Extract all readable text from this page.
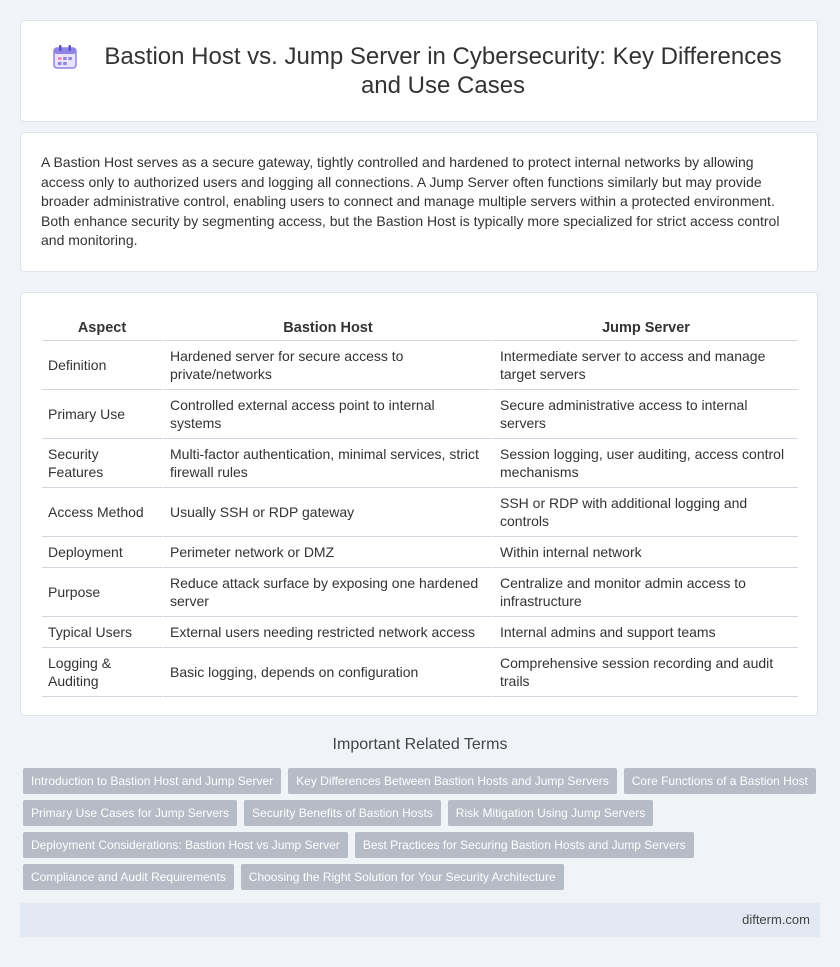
Bastion Host vs. Jump Server in Cybersecurity: Key Differences and Use Cases

A Bastion Host serves as a secure gateway, tightly controlled and hardened to protect internal networks by allowing access only to authorized users and logging all connections. A Jump Server often functions similarly but may provide broader administrative control, enabling users to connect and manage multiple servers within a protected environment. Both enhance security by segmenting access, but the Bastion Host is typically more specialized for strict access control and monitoring.

Aspect	Bastion Host	Jump Server
Definition	Hardened server for secure access to private/networks	Intermediate server to access and manage target servers
Primary Use	Controlled external access point to internal systems	Secure administrative access to internal servers
Security Features	Multi-factor authentication, minimal services, strict firewall rules	Session logging, user auditing, access control mechanisms
Access Method	Usually SSH or RDP gateway	SSH or RDP with additional logging and controls
Deployment	Perimeter network or DMZ	Within internal network
Purpose	Reduce attack surface by exposing one hardened server	Centralize and monitor admin access to infrastructure
Typical Users	External users needing restricted network access	Internal admins and support teams
Logging & Auditing	Basic logging, depends on configuration	Comprehensive session recording and audit trails
Important Related Terms
Introduction to Bastion Host and Jump Server	Key Differences Between Bastion Hosts and Jump Servers	Core Functions of a Bastion Host
Primary Use Cases for Jump Servers	Security Benefits of Bastion Hosts	Risk Mitigation Using Jump Servers
Deployment Considerations: Bastion Host vs Jump Server	Best Practices for Securing Bastion Hosts and Jump Servers
Compliance and Audit Requirements	Choosing the Right Solution for Your Security Architecture
difterm.com
